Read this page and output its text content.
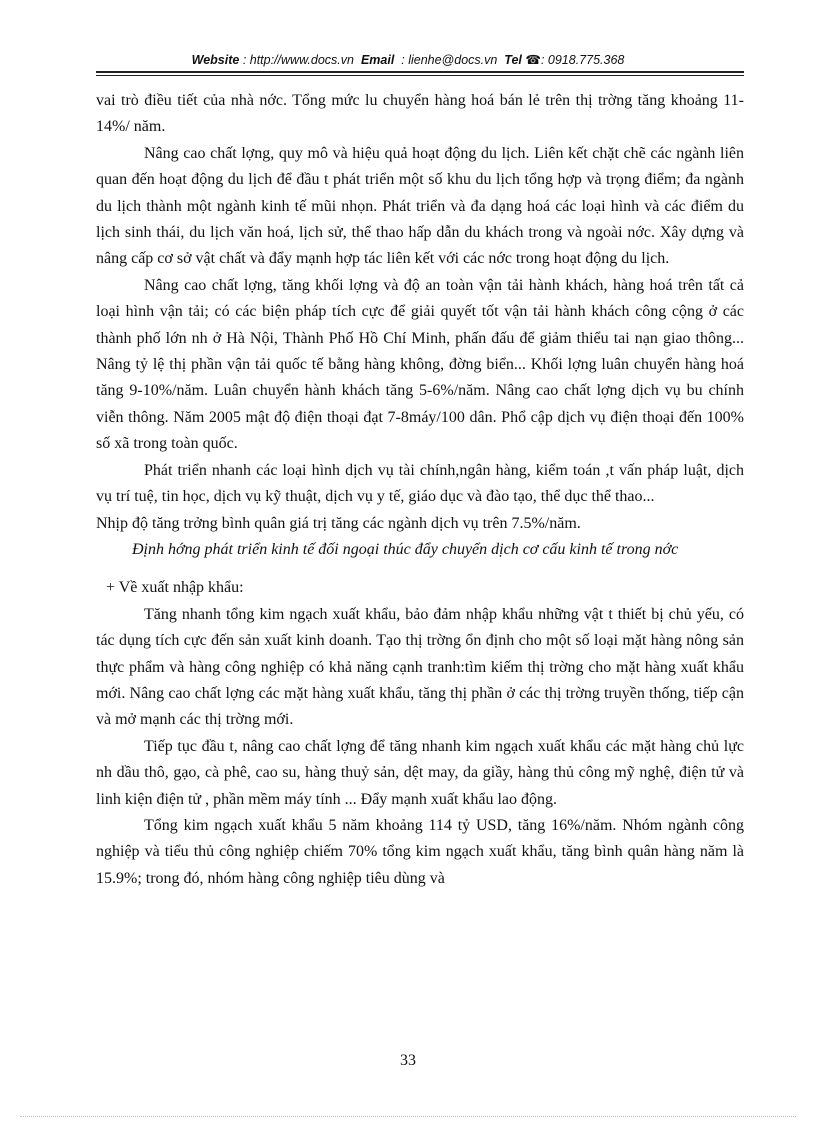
Website : http://www.docs.vn Email : lienhe@docs.vn Tel ☎: 0918.775.368

vai trò điều tiết của nhà nớc. Tổng mức lu chuyển hàng hoá bán lẻ trên thị trờng tăng khoảng 11-14%/ năm.

Nâng cao chất lợng, quy mô và hiệu quả hoạt động du lịch. Liên kết chặt chẽ các ngành liên quan đến hoạt động du lịch để đầu t phát triển một số khu du lịch tổng hợp và trọng điểm; đa ngành du lịch thành một ngành kinh tế mũi nhọn. Phát triển và đa dạng hoá các loại hình và các điểm du lịch sinh thái, du lịch văn hoá, lịch sử, thể thao hấp dẫn du khách trong và ngoài nớc. Xây dựng và nâng cấp cơ sở vật chất và đẩy mạnh hợp tác liên kết với các nớc trong hoạt động du lịch.

Nâng cao chất lợng, tăng khối lợng và độ an toàn vận tải hành khách, hàng hoá trên tất cả loại hình vận tải; có các biện pháp tích cực để giải quyết tốt vận tải hành khách công cộng ở các thành phố lớn nh ở Hà Nội, Thành Phố Hồ Chí Minh, phấn đấu để giảm thiểu tai nạn giao thông... Nâng tỷ lệ thị phần vận tải quốc tế bằng hàng không, đờng biển... Khối lợng luân chuyển hàng hoá tăng 9-10%/năm. Luân chuyển hành khách tăng 5-6%/năm. Nâng cao chất lợng dịch vụ bu chính viễn thông. Năm 2005 mật độ điện thoại đạt 7-8máy/100 dân. Phổ cập dịch vụ điện thoại đến 100% số xã trong toàn quốc.

Phát triển nhanh các loại hình dịch vụ tài chính,ngân hàng, kiểm toán ,t vấn pháp luật, dịch vụ trí tuệ, tin học, dịch vụ kỹ thuật, dịch vụ y tế, giáo dục và đào tạo, thể dục thể thao...

Nhịp độ tăng trởng bình quân giá trị tăng các ngành dịch vụ trên 7.5%/năm.

Định hớng phát triển kinh tế đối ngoại thúc đẩy chuyển dịch cơ cấu kinh tế trong nớc

+ Về xuất nhập khẩu:

Tăng nhanh tổng kim ngạch xuất khẩu, bảo đảm nhập khẩu những vật t thiết bị chủ yếu, có tác dụng tích cực đến sản xuất kinh doanh. Tạo thị trờng ổn định cho một số loại mặt hàng nông sản thực phẩm và hàng công nghiệp có khả năng cạnh tranh:tìm kiếm thị trờng cho mặt hàng xuất khẩu mới. Nâng cao chất lợng các mặt hàng xuất khẩu, tăng thị phần ở các thị trờng truyền thống, tiếp cận và mở mạnh các thị trờng mới.

Tiếp tục đầu t, nâng cao chất lợng để tăng nhanh kim ngạch xuất khẩu các mặt hàng chủ lực nh dầu thô, gạo, cà phê, cao su, hàng thuỷ sản, dệt may, da giầy, hàng thủ công mỹ nghệ, điện tử và linh kiện điện tử , phần mềm máy tính ... Đẩy mạnh xuất khẩu lao động.

Tổng kim ngạch xuất khẩu 5 năm khoảng 114 tỷ USD, tăng 16%/năm. Nhóm ngành công nghiệp và tiểu thủ công nghiệp chiếm 70% tổng kim ngạch xuất khẩu, tăng bình quân hàng năm là 15.9%; trong đó, nhóm hàng công nghiệp tiêu dùng và

33
